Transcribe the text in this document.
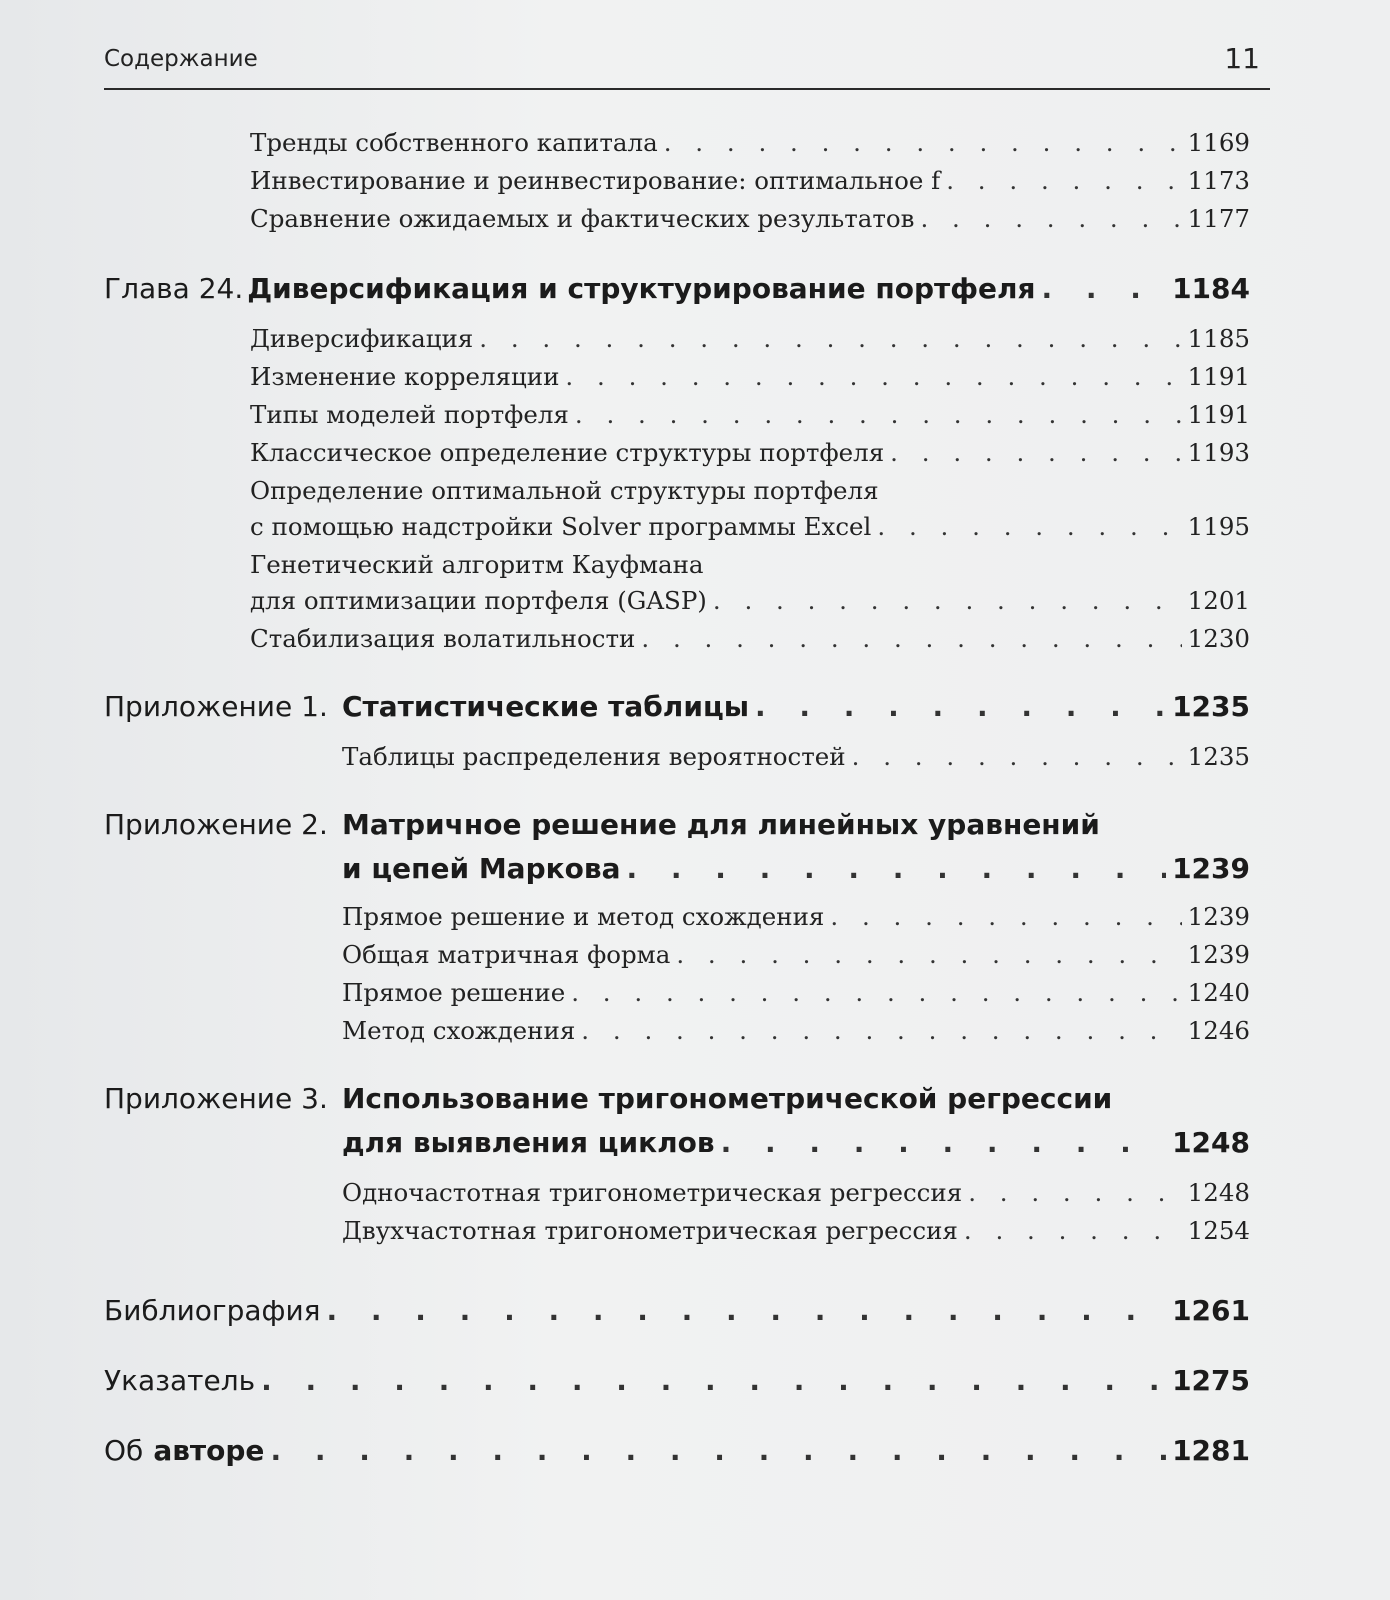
Содержание	11
Тренды собственного капитала . . .	1169
Инвестирование и реинвестирование: оптимальное f . . .	1173
Сравнение ожидаемых и фактических результатов . . .	1177
Глава 24. Диверсификация и структурирование портфеля . . .	1184
Диверсификация . . .	1185
Изменение корреляции . . .	1191
Типы моделей портфеля . . .	1191
Классическое определение структуры портфеля . . .	1193
Определение оптимальной структуры портфеля
с помощью надстройки Solver программы Excel . . .	1195
Генетический алгоритм Кауфмана
для оптимизации портфеля (GASP) . . .	1201
Стабилизация волатильности . . .	1230
Приложение 1. Статистические таблицы . . .	1235
Таблицы распределения вероятностей . . .	1235
Приложение 2. Матричное решение для линейных уравнений
и цепей Маркова . . .	1239
Прямое решение и метод схождения . . .	1239
Общая матричная форма . . .	1239
Прямое решение . . .	1240
Метод схождения . . .	1246
Приложение 3. Использование тригонометрической регрессии
для выявления циклов . . .	1248
Одночастотная тригонометрическая регрессия . . .	1248
Двухчастотная тригонометрическая регрессия . . .	1254
Библиография . . .	1261
Указатель . . .	1275
Об авторе . . .	1281
